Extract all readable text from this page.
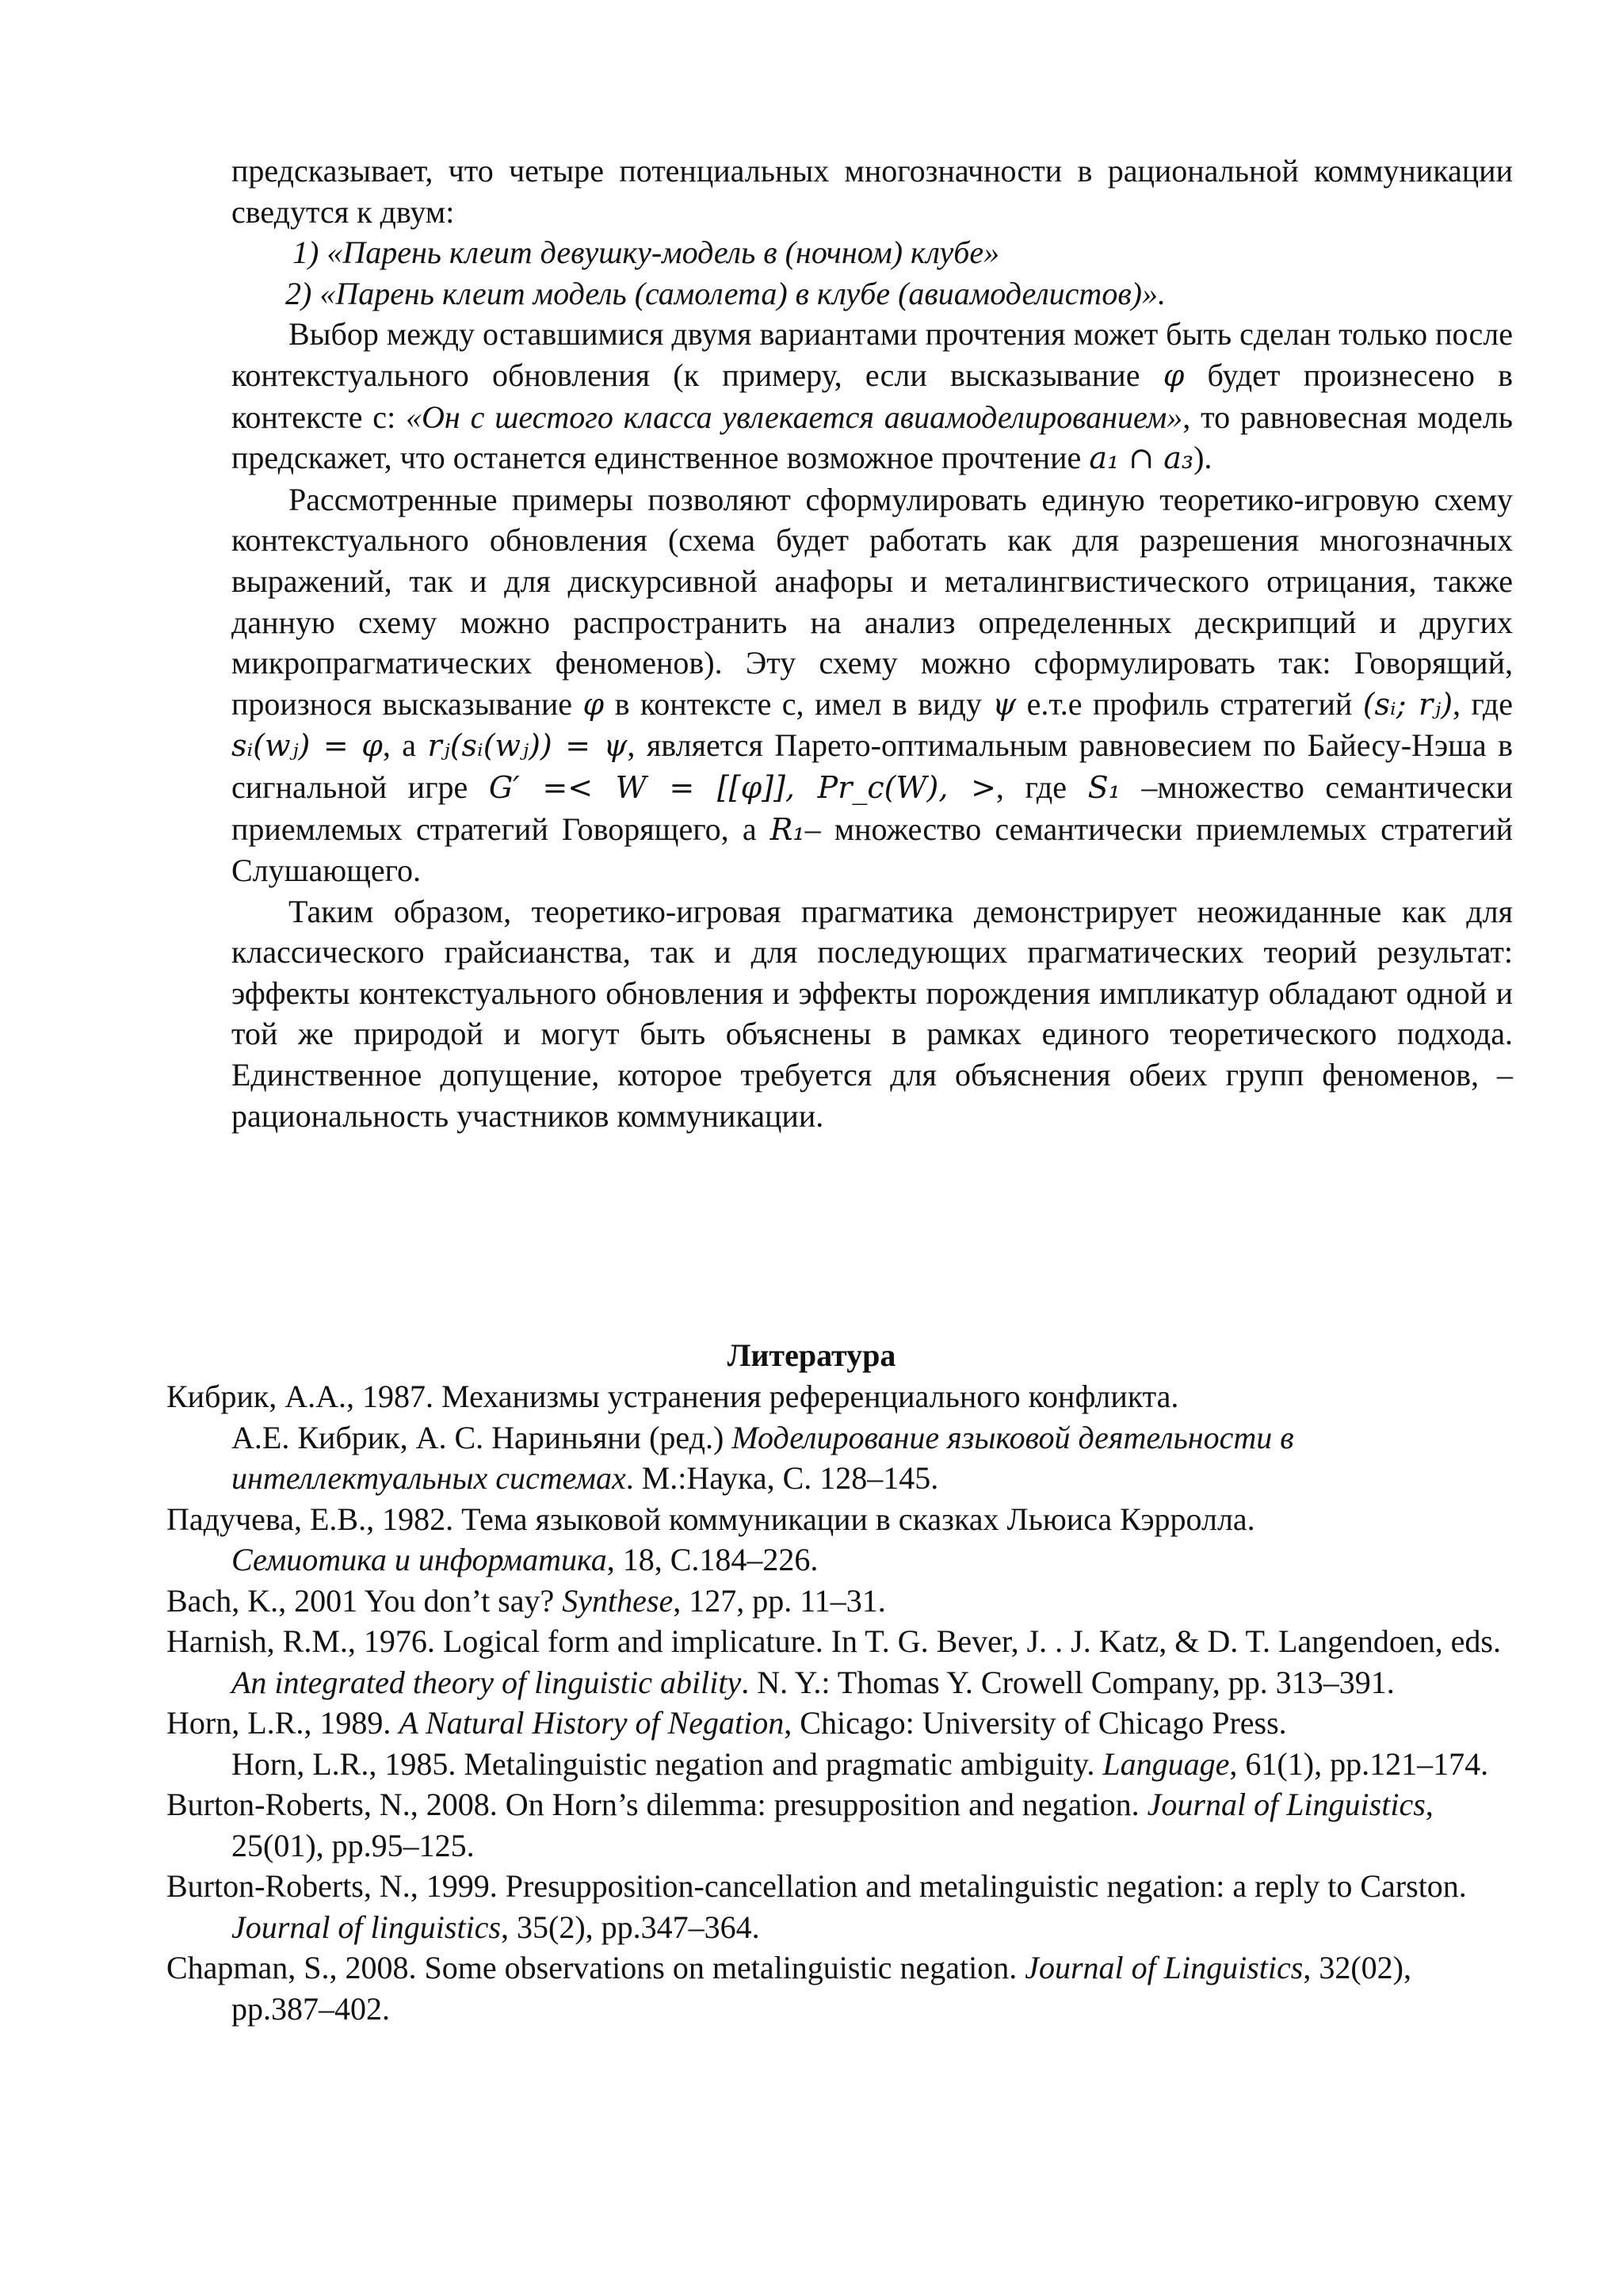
предсказывает, что четыре потенциальных многозначности в рациональной коммуникации сведутся к двум:

1) «Парень клеит девушку-модель в (ночном) клубе»

2) «Парень клеит модель (самолета) в клубе (авиамоделистов)».

Выбор между оставшимися двумя вариантами прочтения может быть сделан только после контекстуального обновления (к примеру, если высказывание φ будет произнесено в контексте с: «Он с шестого класса увлекается авиамоделированием», то равновесная модель предскажет, что останется единственное возможное прочтение a₁ ∩ a₃).

Рассмотренные примеры позволяют сформулировать единую теоретико-игровую схему контекстуального обновления (схема будет работать как для разрешения многозначных выражений, так и для дискурсивной анафоры и металингвистического отрицания, также данную схему можно распространить на анализ определенных дескрипций и других микропрагматических феноменов). Эту схему можно сформулировать так: Говорящий, произнося высказывание φ в контексте с, имел в виду ψ е.т.е профиль стратегий (sᵢ; rⱼ), где sᵢ(wⱼ) = φ, а rⱼ(sᵢ(wⱼ)) = ψ, является Парето-оптимальным равновесием по Байесу-Нэша в сигнальной игре G′ =< W = [[φ]], Pr_c(W), >, где S₁ –множество семантически приемлемых стратегий Говорящего, а R₁– множество семантически приемлемых стратегий Слушающего.

Таким образом, теоретико-игровая прагматика демонстрирует неожиданные как для классического грайсианства, так и для последующих прагматических теорий результат: эффекты контекстуального обновления и эффекты порождения импликатур обладают одной и той же природой и могут быть объяснены в рамках единого теоретического подхода. Единственное допущение, которое требуется для объяснения обеих групп феноменов, – рациональность участников коммуникации.

Литература

Кибрик, А.А., 1987. Механизмы устранения референциального конфликта.

А.Е. Кибрик, А. С. Нариньяни (ред.) Моделирование языковой деятельности в интеллектуальных системах. М.:Наука, С. 128–145.

Падучева, Е.В., 1982. Тема языковой коммуникации в сказках Льюиса Кэрролла.

Семиотика и информатика, 18, С.184–226.

Bach, K., 2001 You don’t say? Synthese, 127, pp. 11–31.

Harnish, R.M., 1976. Logical form and implicature. In T. G. Bever, J. . J. Katz, & D. T. Langendoen, eds. An integrated theory of linguistic ability. N. Y.: Thomas Y. Crowell Company, pp. 313–391.

Horn, L.R., 1989. A Natural History of Negation, Chicago: University of Chicago Press.

Horn, L.R., 1985. Metalinguistic negation and pragmatic ambiguity. Language, 61(1), pp.121–174.

Burton-Roberts, N., 2008. On Horn’s dilemma: presupposition and negation. Journal of Linguistics, 25(01), pp.95–125.

Burton-Roberts, N., 1999. Presupposition-cancellation and metalinguistic negation: a reply to Carston. Journal of linguistics, 35(2), pp.347–364.

Chapman, S., 2008. Some observations on metalinguistic negation. Journal of Linguistics, 32(02), pp.387–402.
